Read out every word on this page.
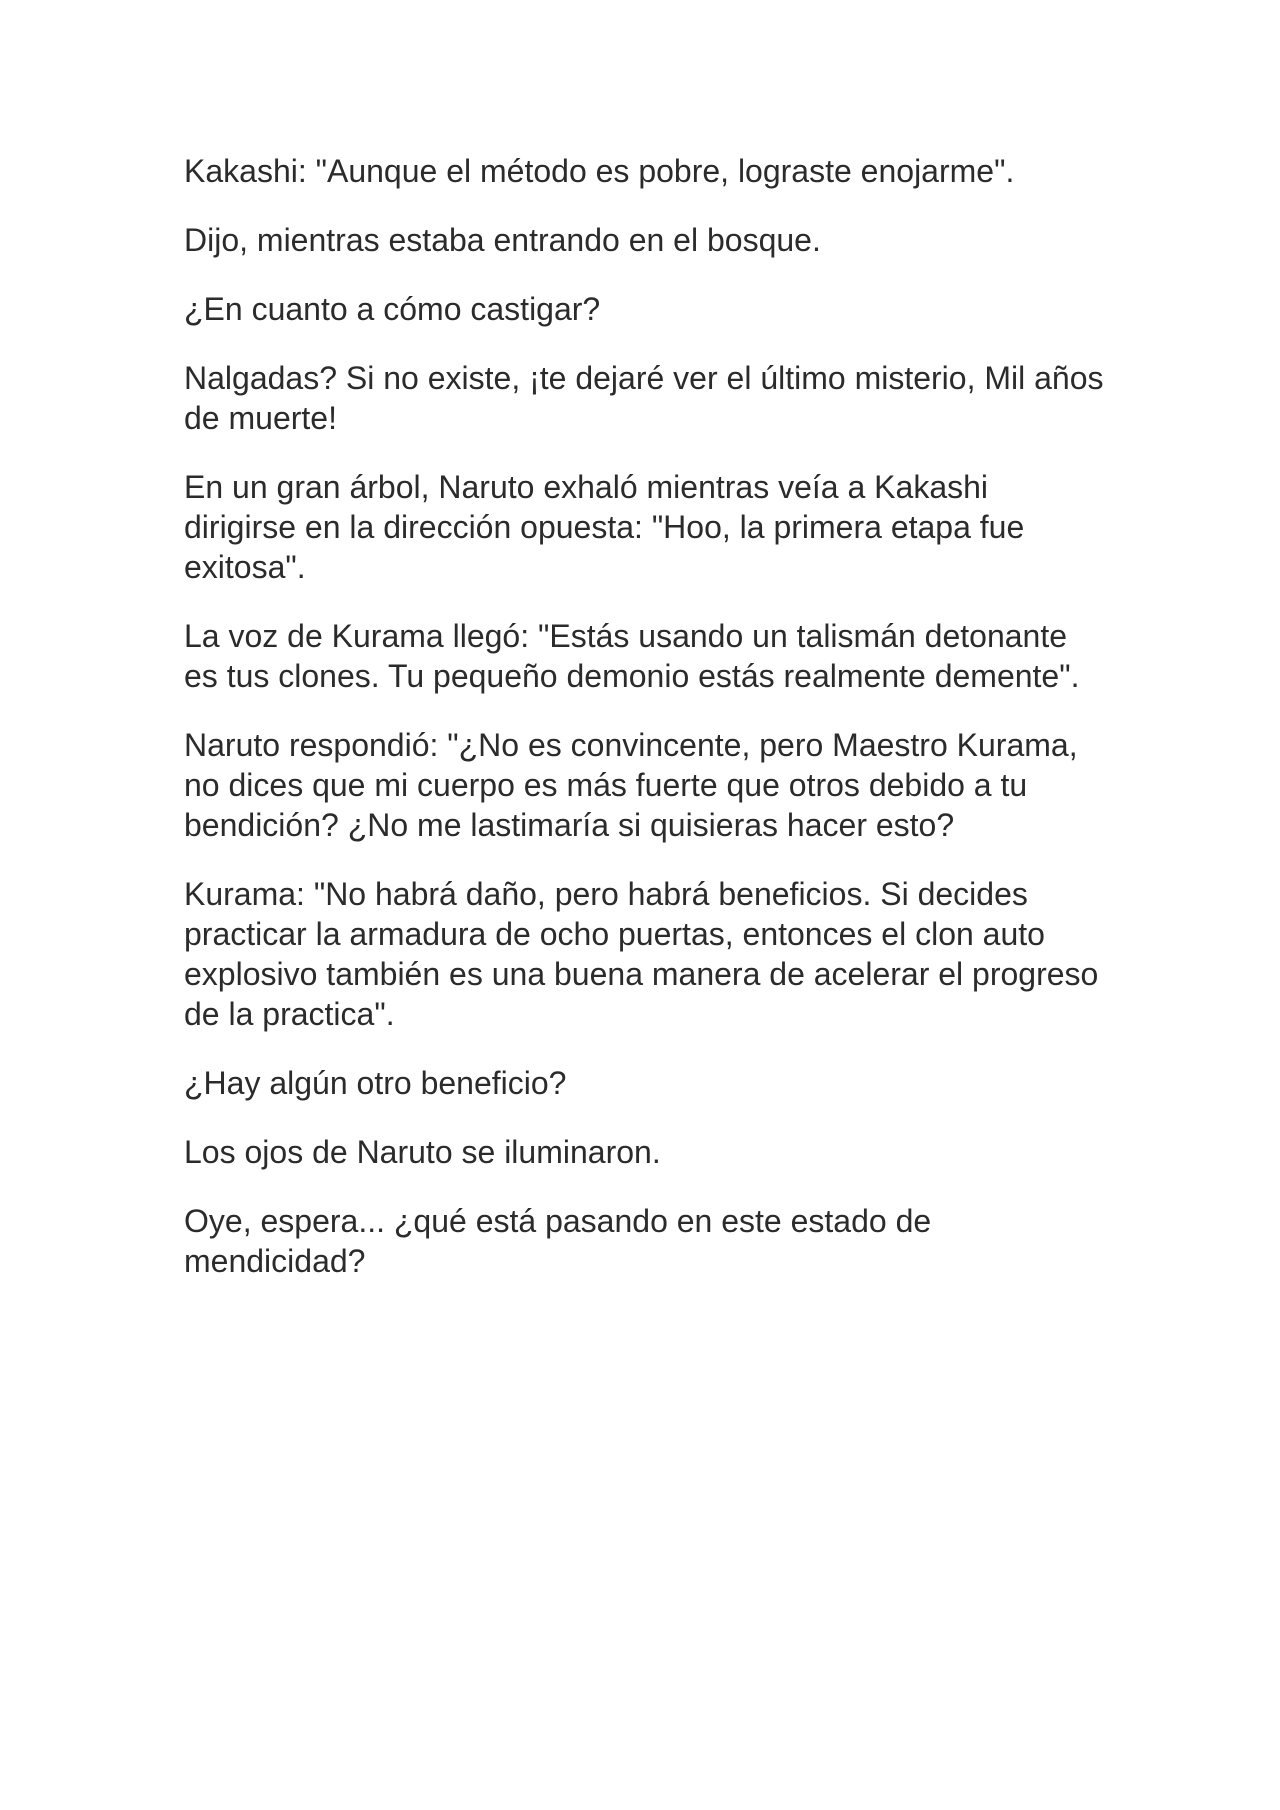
Kakashi: "Aunque el método es pobre, lograste enojarme".

Dijo, mientras estaba entrando en el bosque.

¿En cuanto a cómo castigar?

Nalgadas? Si no existe, ¡te dejaré ver el último misterio, Mil años de muerte!

En un gran árbol, Naruto exhaló mientras veía a Kakashi dirigirse en la dirección opuesta: "Hoo, la primera etapa fue exitosa".

La voz de Kurama llegó: "Estás usando un talismán detonante es tus clones. Tu pequeño demonio estás realmente demente".

Naruto respondió: "¿No es convincente, pero Maestro Kurama, no dices que mi cuerpo es más fuerte que otros debido a tu bendición? ¿No me lastimaría si quisieras hacer esto?

Kurama: "No habrá daño, pero habrá beneficios. Si decides practicar la armadura de ocho puertas, entonces el clon auto explosivo también es una buena manera de acelerar el progreso de la practica".

¿Hay algún otro beneficio?

Los ojos de Naruto se iluminaron.

Oye, espera... ¿qué está pasando en este estado de mendicidad?
